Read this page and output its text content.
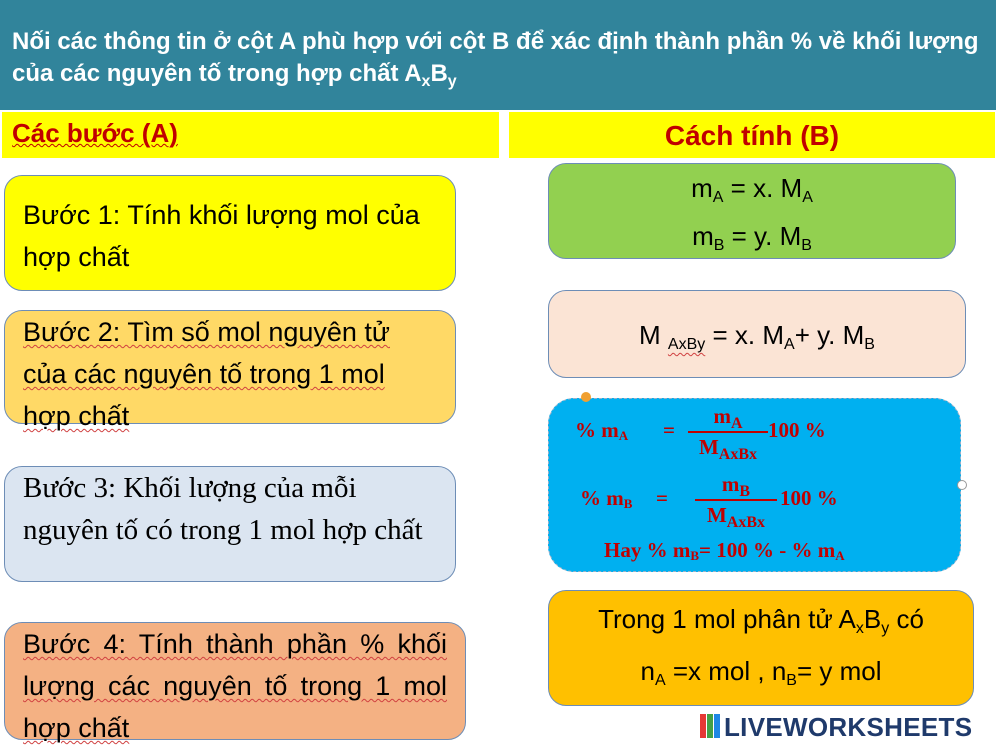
Nối các thông tin ở cột A phù hợp với cột B để xác định thành phần % về khối lượng của các nguyên tố trong hợp chất $A_xB_y$
Các bước (A)	Cách tính (B)
Bước 1: Tính khối lượng mol của hợp chất
Bước 2: Tìm số mol nguyên tử của các nguyên tố trong 1 mol hợp chất
Bước 3: Khối lượng của mỗi nguyên tố có trong 1 mol hợp chất
Bước 4: Tính thành phần % khối lượng các nguyên tố trong 1 mol hợp chất
$m_A = x$. $M_A$
$m_B = y$. $M_B$
M $_{AxBy}$ = x. $M_A+ y$. $M_B$
% $m_A$ =
$m_A$
$M_{AxBx}$
100 %
% $m_B$ =
$m_B$
$M_{AxBx}$
100 %
Hay % $m_B= 100$ % - % $m_A$
Trong 1 mol phân tử $A_xB_y$ có
$n_A =x$ mol , $n_B= y$ mol
LIVEWORKSHEETS
